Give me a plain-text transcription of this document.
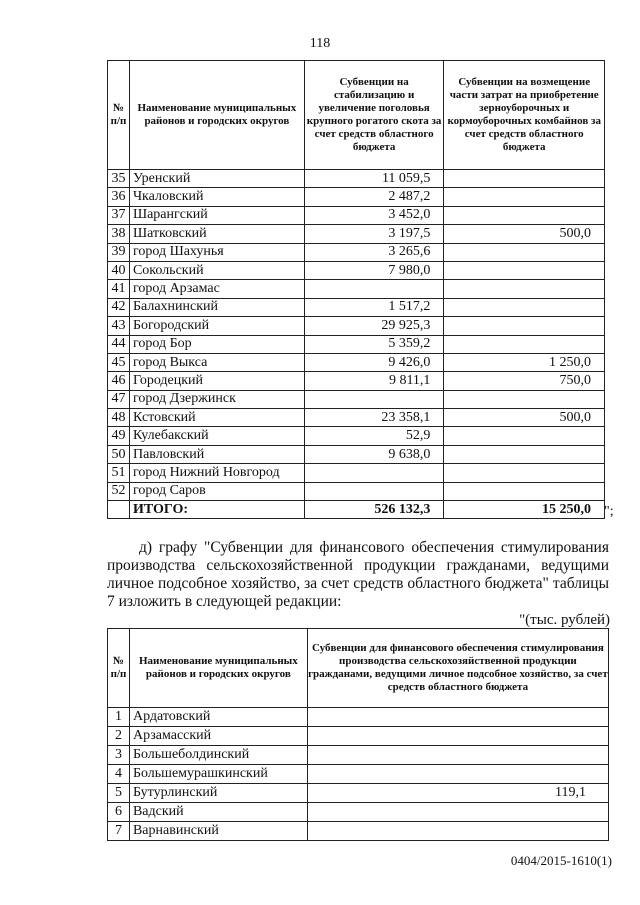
118
№ п/п	Наименование муниципальных районов и городских округов	Субвенции на стабилизацию и увеличение поголовья крупного рогатого скота за счет средств областного бюджета	Субвенции на возмещение части затрат на приобретение зерноуборочных и кормоуборочных комбайнов за счет средств областного бюджета
35	Уренский	11 059,5	
36	Чкаловский	2 487,2	
37	Шарангский	3 452,0	
38	Шатковский	3 197,5	500,0
39	город Шахунья	3 265,6	
40	Сокольский	7 980,0	
41	город Арзамас		
42	Балахнинский	1 517,2	
43	Богородский	29 925,3	
44	город Бор	5 359,2	
45	город Выкса	9 426,0	1 250,0
46	Городецкий	9 811,1	750,0
47	город Дзержинск		
48	Кстовский	23 358,1	500,0
49	Кулебакский	52,9	
50	Павловский	9 638,0	
51	город Нижний Новгород		
52	город Саров		
	ИТОГО:	526 132,3	15 250,0 ";
д) графу "Субвенции для финансового обеспечения стимулирования производства сельскохозяйственной продукции гражданами, ведущими личное подсобное хозяйство, за счет средств областного бюджета" таблицы 7 изложить в следующей редакции:
"(тыс. рублей)
№ п/п	Наименование муниципальных районов и городских округов	Субвенции для финансового обеспечения стимулирования производства сельскохозяйственной продукции гражданами, ведущими личное подсобное хозяйство, за счет средств областного бюджета
1	Ардатовский	
2	Арзамасский	
3	Большеболдинский	
4	Большемурашкинский	
5	Бутурлинский	119,1
6	Вадский	
7	Варнавинский	
0404/2015-1610(1)
